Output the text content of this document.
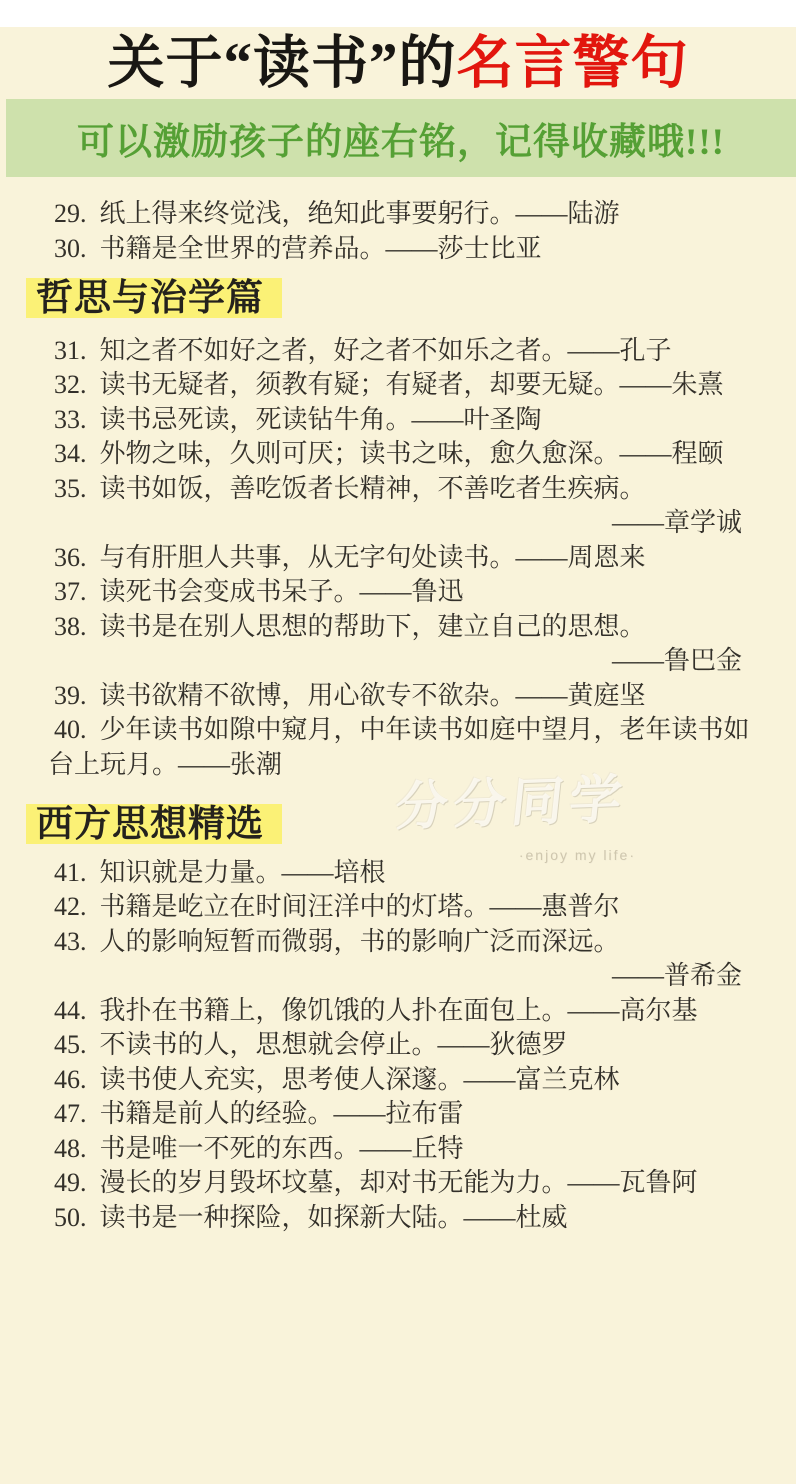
关于“读书”的名言警句
可以激励孩子的座右铭，记得收藏哦!!!
29. 纸上得来终觉浅，绝知此事要躬行。——陆游
30. 书籍是全世界的营养品。——莎士比亚
哲思与治学篇
31. 知之者不如好之者，好之者不如乐之者。——孔子
32. 读书无疑者，须教有疑；有疑者，却要无疑。——朱熹
33. 读书忌死读，死读钻牛角。——叶圣陶
34. 外物之味，久则可厌；读书之味，愈久愈深。——程颐
35. 读书如饭，善吃饭者长精神，不善吃者生疾病。
——章学诚
36. 与有肝胆人共事，从无字句处读书。——周恩来
37. 读死书会变成书呆子。——鲁迅
38. 读书是在别人思想的帮助下，建立自己的思想。
——鲁巴金
39. 读书欲精不欲博，用心欲专不欲杂。——黄庭坚
40. 少年读书如隙中窥月，中年读书如庭中望月，老年读书如台上玩月。——张潮
西方思想精选
41. 知识就是力量。——培根
42. 书籍是屹立在时间汪洋中的灯塔。——惠普尔
43. 人的影响短暂而微弱，书的影响广泛而深远。
——普希金
44. 我扑在书籍上，像饥饿的人扑在面包上。——高尔基
45. 不读书的人，思想就会停止。——狄德罗
46. 读书使人充实，思考使人深邃。——富兰克林
47. 书籍是前人的经验。——拉布雷
48. 书是唯一不死的东西。——丘特
49. 漫长的岁月毁坏坟墓，却对书无能为力。——瓦鲁阿
50. 读书是一种探险，如探新大陆。——杜威
分分同学
·enjoy my life·
